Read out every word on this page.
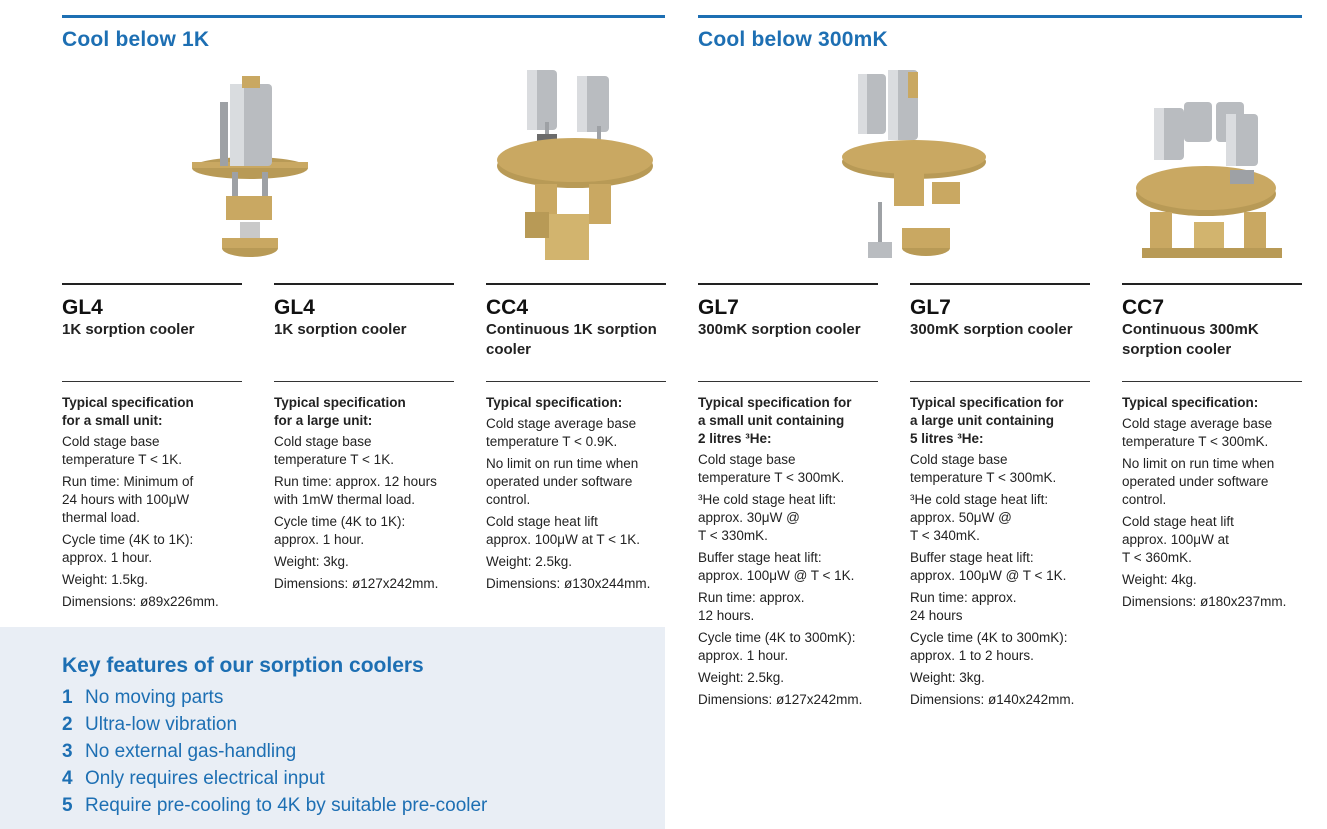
Cool below 1K	Cool below 300mK
GL4
1K sorption cooler
GL4
1K sorption cooler
CC4
Continuous 1K sorption cooler
GL7
300mK sorption cooler
GL7
300mK sorption cooler
CC7
Continuous 300mK sorption cooler
Typical specification
for a small unit:

Cold stage base
temperature T < 1K.

Run time: Minimum of
24 hours with 100μW
thermal load.

Cycle time (4K to 1K):
approx. 1 hour.

Weight: 1.5kg.

Dimensions: ø89x226mm.

Typical specification
for a large unit:

Cold stage base
temperature T < 1K.

Run time: approx. 12 hours
with 1mW thermal load.

Cycle time (4K to 1K):
approx. 1 hour.

Weight: 3kg.

Dimensions: ø127x242mm.

Typical specification:

Cold stage average base
temperature T < 0.9K.

No limit on run time when
operated under software
control.

Cold stage heat lift
approx. 100μW at T < 1K.

Weight: 2.5kg.

Dimensions: ø130x244mm.

Typical specification for
a small unit containing
2 litres ³He:

Cold stage base
temperature T < 300mK.

³He cold stage heat lift:
approx. 30μW @
T < 330mK.

Buffer stage heat lift:
approx. 100μW @ T < 1K.

Run time: approx.
12 hours.

Cycle time (4K to 300mK):
approx. 1 hour.

Weight: 2.5kg.

Dimensions: ø127x242mm.

Typical specification for
a large unit containing
5 litres ³He:

Cold stage base
temperature T < 300mK.

³He cold stage heat lift:
approx. 50μW @
T < 340mK.

Buffer stage heat lift:
approx. 100μW @ T < 1K.

Run time: approx.
24 hours

Cycle time (4K to 300mK):
approx. 1 to 2 hours.

Weight: 3kg.

Dimensions: ø140x242mm.

Typical specification:

Cold stage average base
temperature T < 300mK.

No limit on run time when
operated under software
control.

Cold stage heat lift
approx. 100μW at
T < 360mK.

Weight: 4kg.

Dimensions: ø180x237mm.

Key features of our sorption coolers
1 No moving parts
2 Ultra-low vibration
3 No external gas-handling
4 Only requires electrical input
5 Require pre-cooling to 4K by suitable pre-cooler
